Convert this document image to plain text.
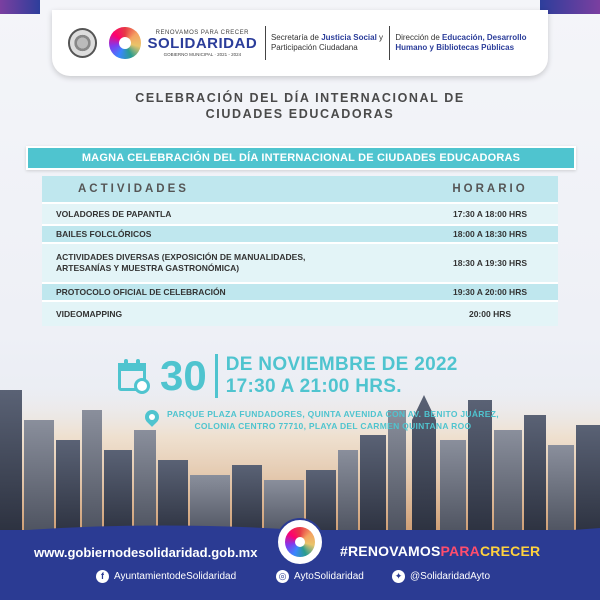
RENOVAMOS PARA CRECER
SOLIDARIDAD
GOBIERNO MUNICIPAL · 2021 - 2024
Secretaría de Justicia Social y Participación Ciudadana
Dirección de Educación, Desarrollo Humano y Bibliotecas Públicas
CELEBRACIÓN DEL DÍA INTERNACIONAL DE CIUDADES EDUCADORAS
MAGNA CELEBRACIÓN DEL DÍA INTERNACIONAL DE CIUDADES EDUCADORAS
ACTIVIDADES	HORARIO
VOLADORES DE PAPANTLA	17:30 A 18:00 HRS
BAILES FOLCLÓRICOS	18:00 A 18:30 HRS
ACTIVIDADES DIVERSAS (EXPOSICIÓN DE MANUALIDADES, ARTESANÍAS Y MUESTRA GASTRONÓMICA)	18:30 A 19:30 HRS
PROTOCOLO OFICIAL DE CELEBRACIÓN	19:30 A 20:00 HRS
VIDEOMAPPING	20:00 HRS
30 DE NOVIEMBRE DE 2022
17:30 A 21:00 HRS.
PARQUE PLAZA FUNDADORES, QUINTA AVENIDA CON AV. BENITO JUÁREZ,
COLONIA CENTRO 77710, PLAYA DEL CARMEN QUINTANA ROO
www.gobiernodesolidaridad.gob.mx	#RENOVAMOSPARACRECER
f	AyuntamientodeSolidaridad	◎ AytoSolidaridad	✦ @SolidaridadAyto
